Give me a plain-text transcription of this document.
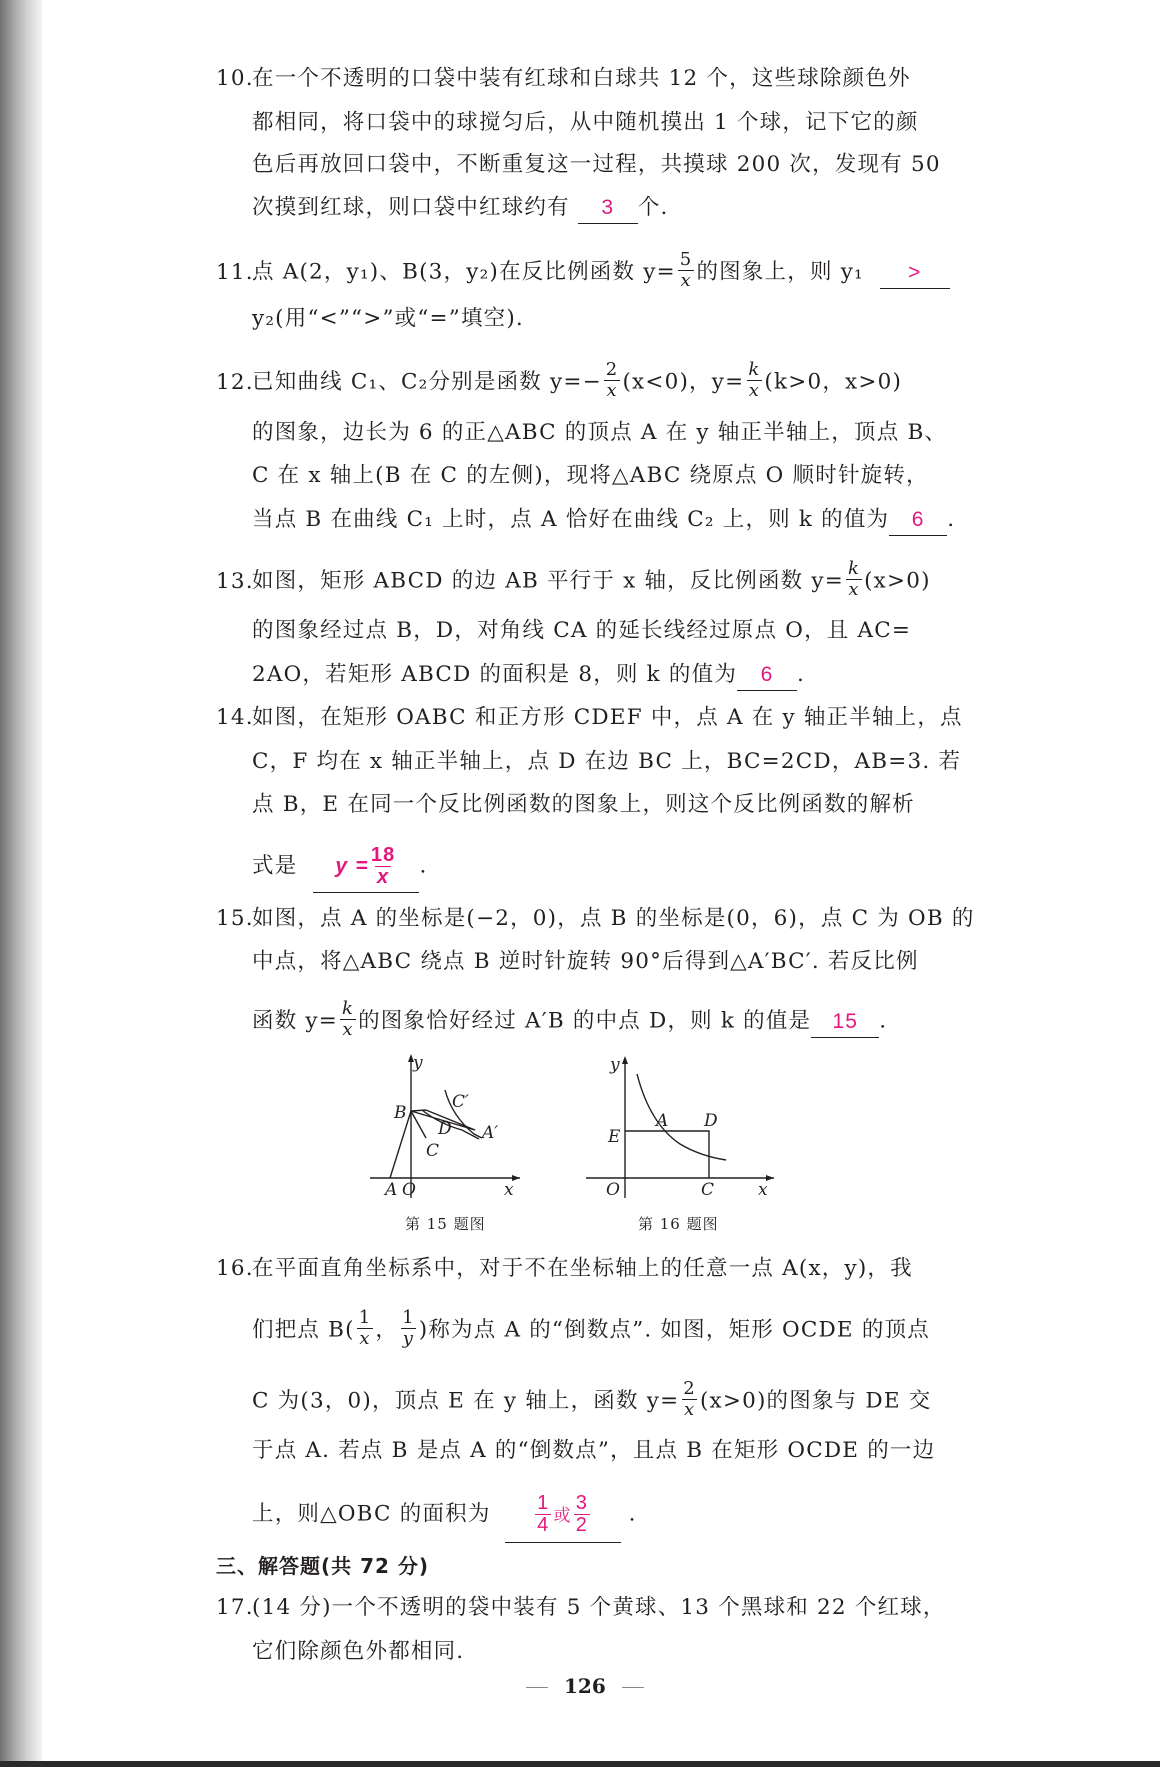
10.在一个不透明的口袋中装有红球和白球共 12 个，这些球除颜色外
都相同，将口袋中的球搅匀后，从中随机摸出 1 个球，记下它的颜
色后再放回口袋中，不断重复这一过程，共摸球 200 次，发现有 50
次摸到红球，则口袋中红球约有 3 个.
11.点 A(2，y₁)、B(3，y₂)在反比例函数 $y= \frac{5}{x}$ 的图象上，则 y₁ >
y₂(用“<”“>”或“=”填空).
12.已知曲线 C₁、C₂分别是函数 $y=- \frac{2}{x} (x<0)$，$y= \frac{k}{x} (k>0$，x>0)
的图象，边长为 6 的正△ABC 的顶点 A 在 y 轴正半轴上，顶点 B、
C 在 x 轴上(B 在 C 的左侧)，现将△ABC 绕原点 O 顺时针旋转，
当点 B 在曲线 C₁ 上时，点 A 恰好在曲线 C₂ 上，则 k 的值为 6 .
13.如图，矩形 ABCD 的边 AB 平行于 x 轴，反比例函数 $y= \frac{k}{x} (x>0)$
的图象经过点 B，D，对角线 CA 的延长线经过原点 O，且 AC=
2AO，若矩形 ABCD 的面积是 8，则 k 的值为 6 .
14.如图，在矩形 OABC 和正方形 CDEF 中，点 A 在 y 轴正半轴上，点
C，F 均在 x 轴正半轴上，点 D 在边 BC 上，BC=2CD，AB=3. 若
点 B，E 在同一个反比例函数的图象上，则这个反比例函数的解析
式是 $y = \frac{18}{x}$ .
15.如图，点 A 的坐标是(−2，0)，点 B 的坐标是(0，6)，点 C 为 OB 的
中点，将△ABC 绕点 B 逆时针旋转 90°后得到△A′BC′. 若反比例
函数 $y= \frac{k}{x}$ 的图象恰好经过 A′B 的中点 D，则 k 的值是 15 .
y
x
B
C′
D A′
C
A O
第 15 题图
y
x
A D
E
O	C
第 16 题图
16.在平面直角坐标系中，对于不在坐标轴上的任意一点 A(x，y)，我
们把点 $B( \frac{1}{x}$ ， $\frac{1}{y}$ )称为点 A 的“倒数点”. 如图，矩形 OCDE 的顶点
C 为(3，0)，顶点 E 在 y 轴上，函数 $y= \frac{2}{x} (x>0)$的图象与 DE 交
于点 A. 若点 B 是点 A 的“倒数点”，且点 B 在矩形 OCDE 的一边
上，则△OBC 的面积为 $\frac{1}{4}$ 或 $\frac{3}{2}$ .
三、解答题(共 72 分)
17.(14 分)一个不透明的袋中装有 5 个黄球、13 个黑球和 22 个红球，
它们除颜色外都相同.
126
